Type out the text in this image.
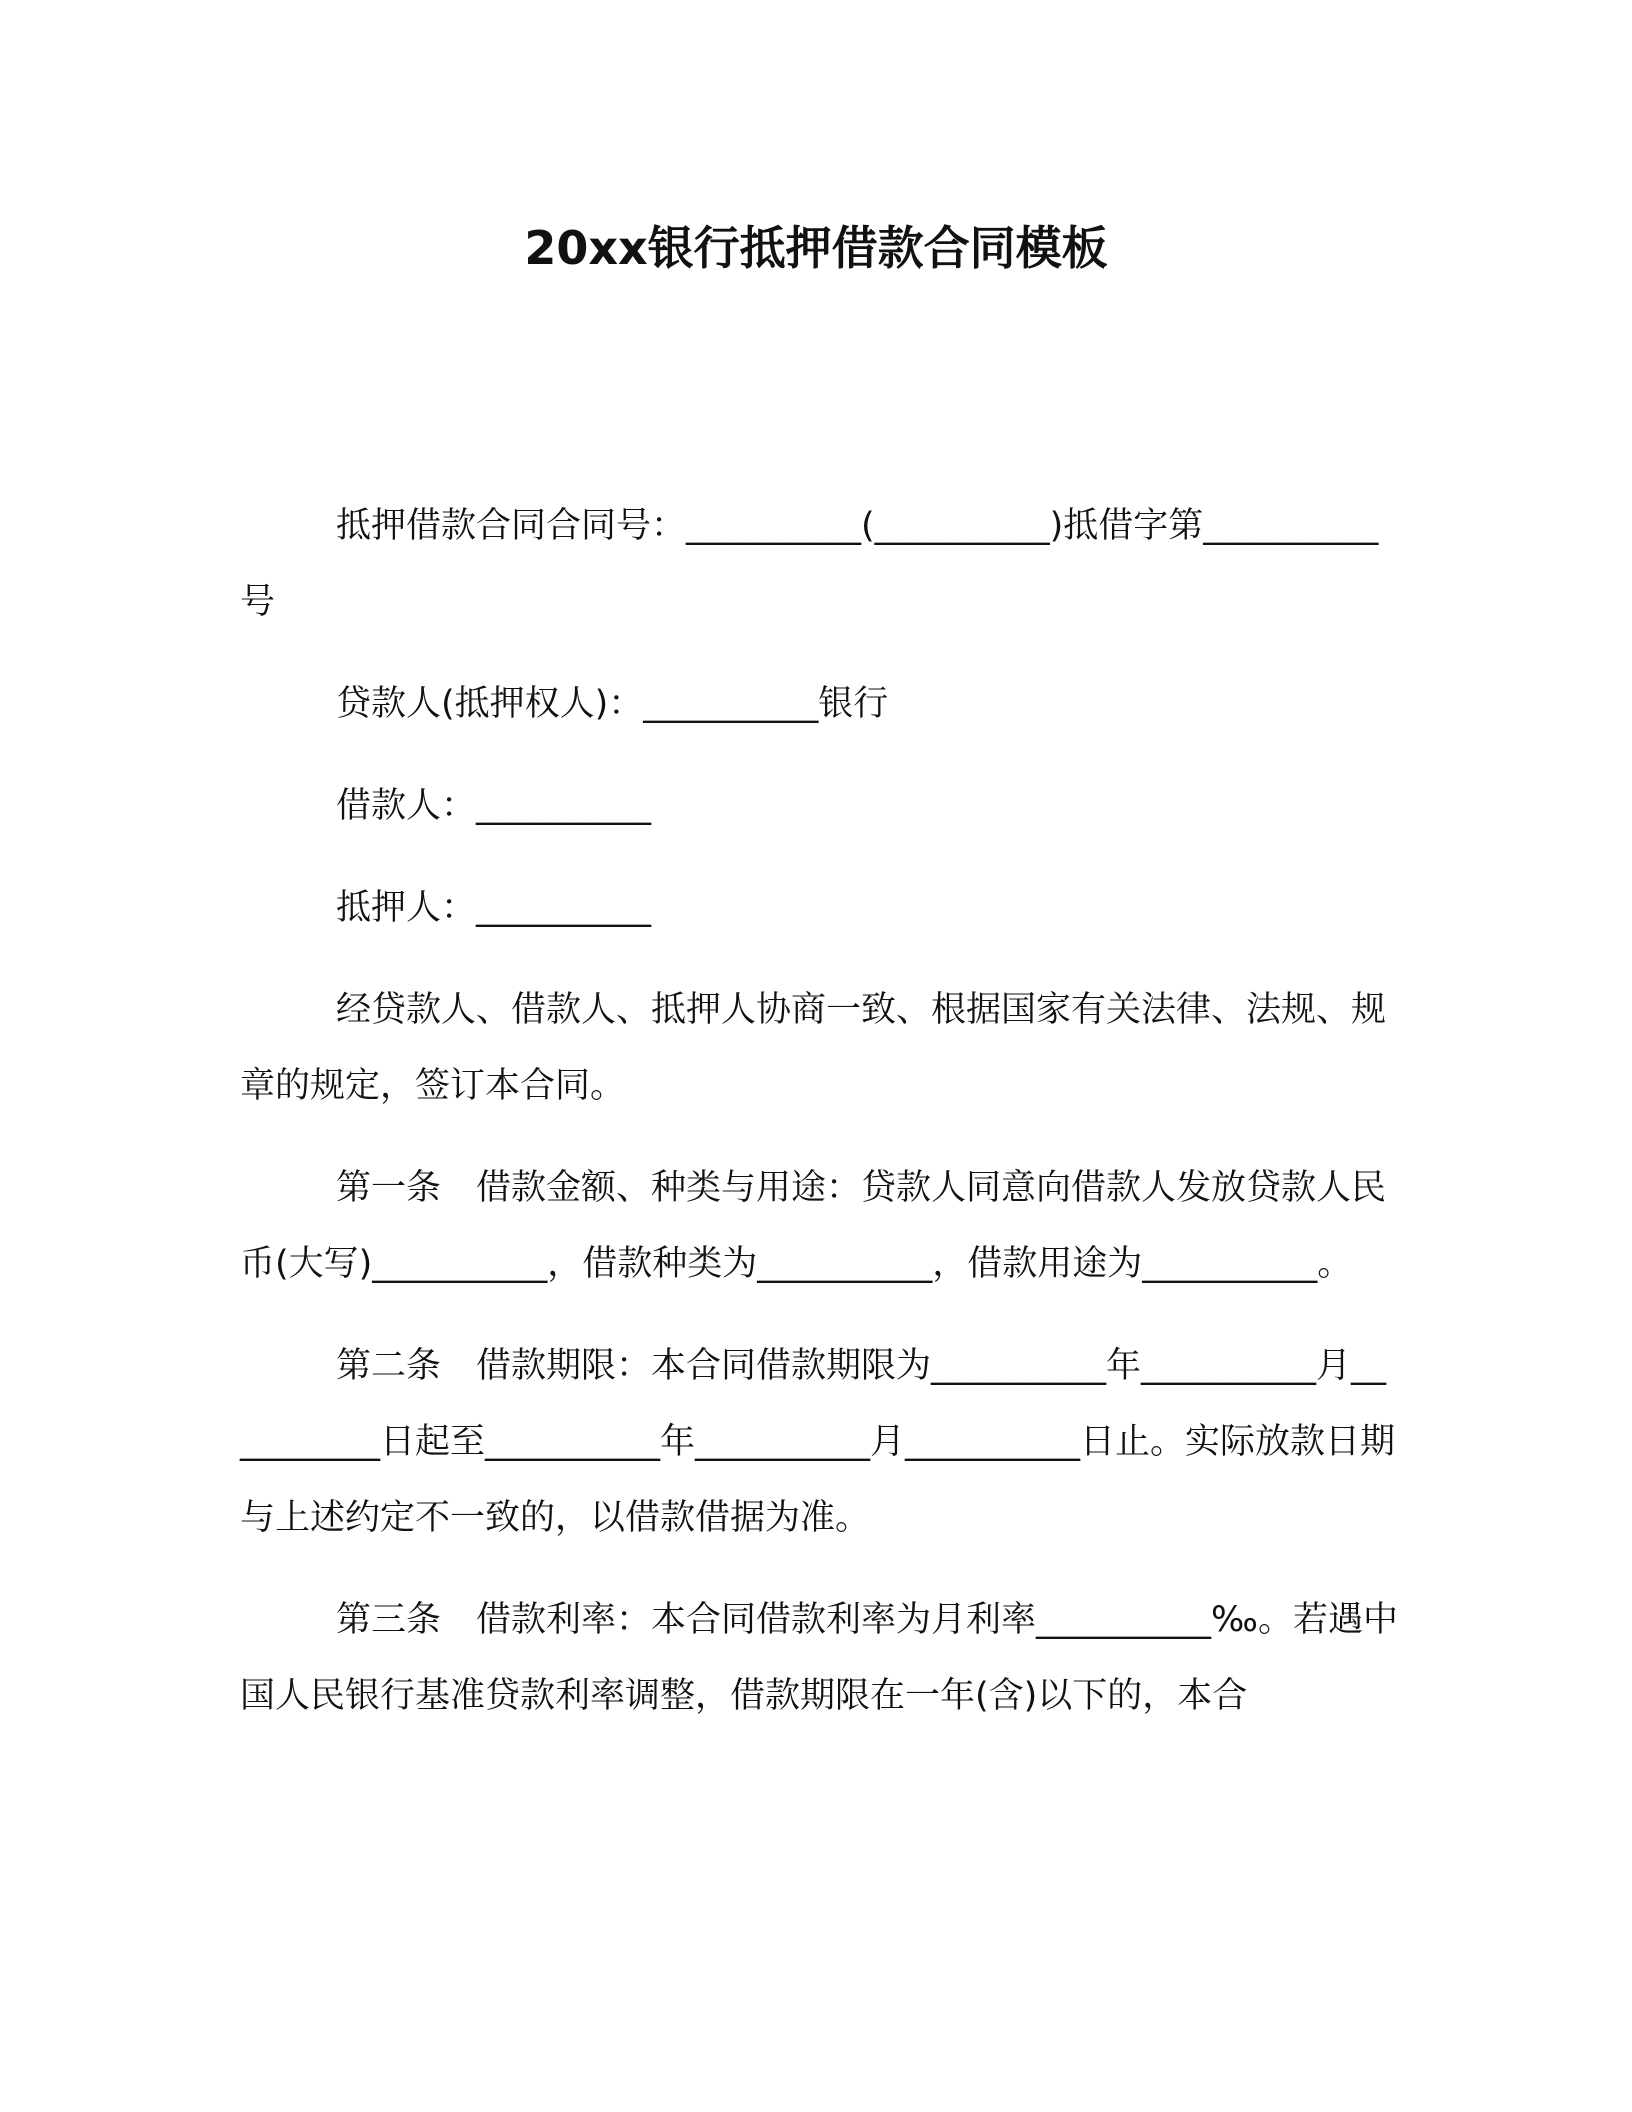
20xx银行抵押借款合同模板

抵押借款合同合同号：__________(__________)抵借字第__________号

贷款人(抵押权人)：__________银行

借款人：__________

抵押人：__________

经贷款人、借款人、抵押人协商一致、根据国家有关法律、法规、规章的规定，签订本合同。

第一条　借款金额、种类与用途：贷款人同意向借款人发放贷款人民币(大写)__________，借款种类为__________，借款用途为__________。

第二条　借款期限：本合同借款期限为__________年__________月__________日起至__________年__________月__________日止。实际放款日期与上述约定不一致的，以借款借据为准。

第三条　借款利率：本合同借款利率为月利率__________‰。若遇中国人民银行基准贷款利率调整，借款期限在一年(含)以下的，本合
